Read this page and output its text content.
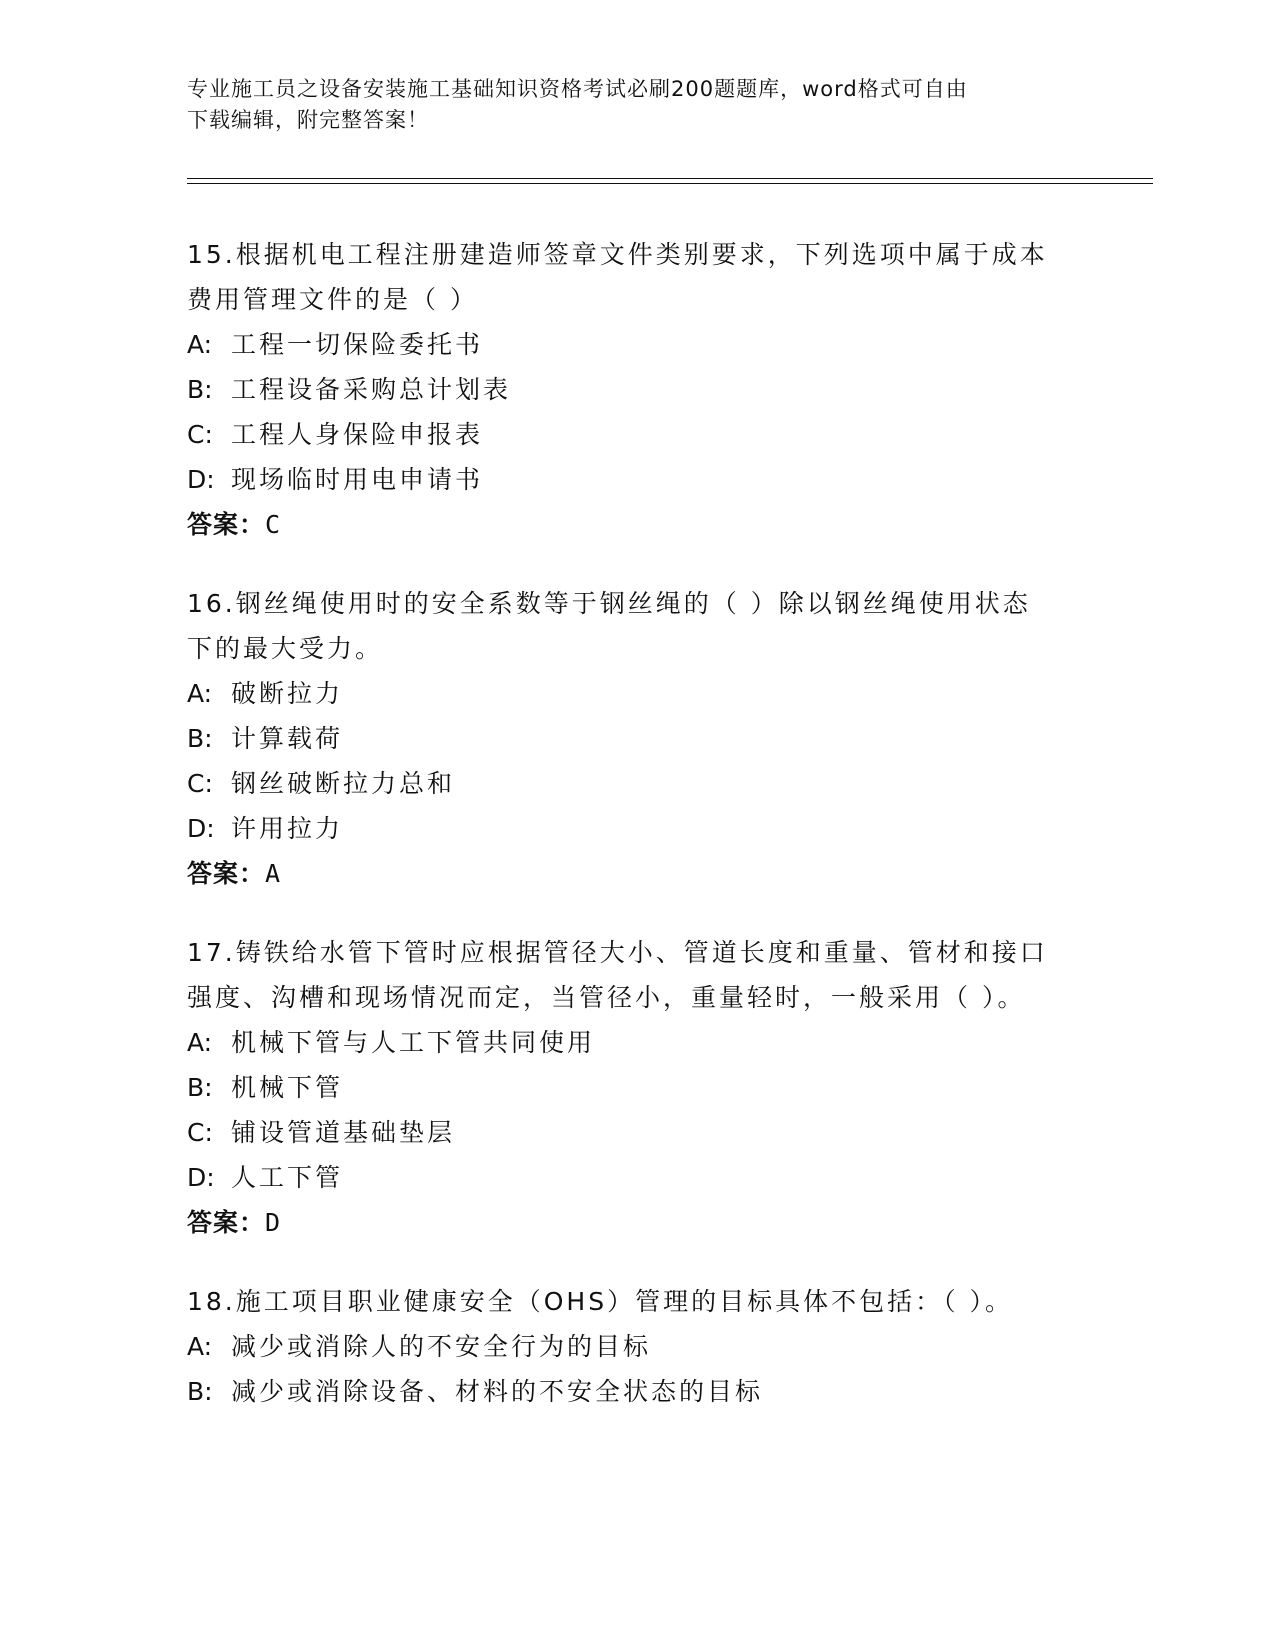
专业施工员之设备安装施工基础知识资格考试必刷200题题库，word格式可自由
下载编辑，附完整答案！
15.根据机电工程注册建造师签章文件类别要求，下列选项中属于成本
费用管理文件的是（ ）
A: 工程一切保险委托书
B: 工程设备采购总计划表
C: 工程人身保险申报表
D: 现场临时用电申请书
答案：C
16.钢丝绳使用时的安全系数等于钢丝绳的（ ）除以钢丝绳使用状态
下的最大受力。
A: 破断拉力
B: 计算载荷
C: 钢丝破断拉力总和
D: 许用拉力
答案：A
17.铸铁给水管下管时应根据管径大小、管道长度和重量、管材和接口
强度、沟槽和现场情况而定，当管径小，重量轻时，一般采用（ ）。
A: 机械下管与人工下管共同使用
B: 机械下管
C: 铺设管道基础垫层
D: 人工下管
答案：D
18.施工项目职业健康安全（OHS）管理的目标具体不包括：（ ）。
A: 减少或消除人的不安全行为的目标
B: 减少或消除设备、材料的不安全状态的目标
